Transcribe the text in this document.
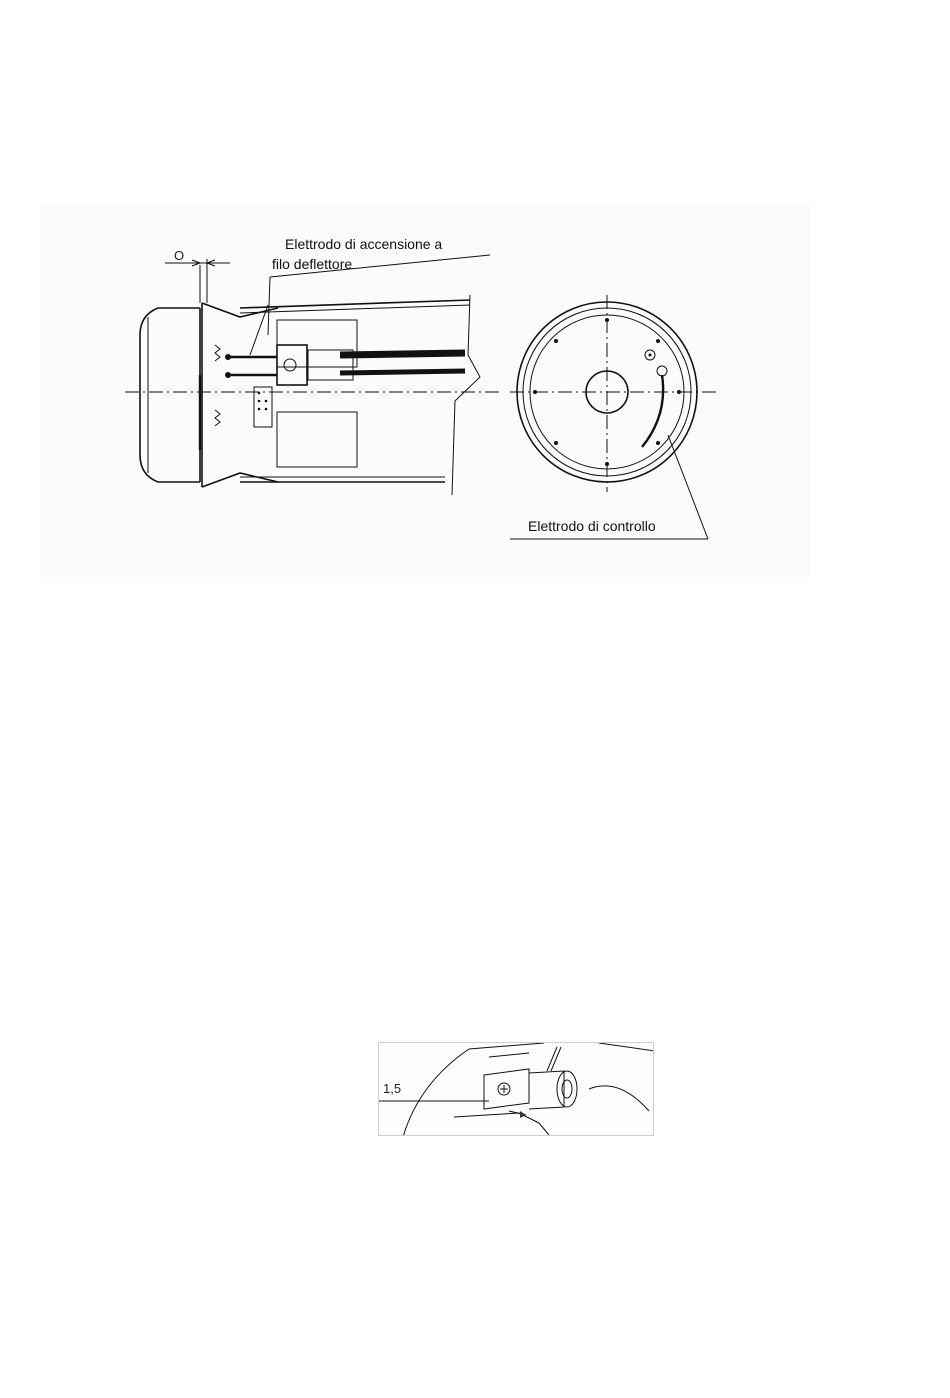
Elettrodo di accensione a
filo deflettore
Elettrodo di controllo
O
1,5
